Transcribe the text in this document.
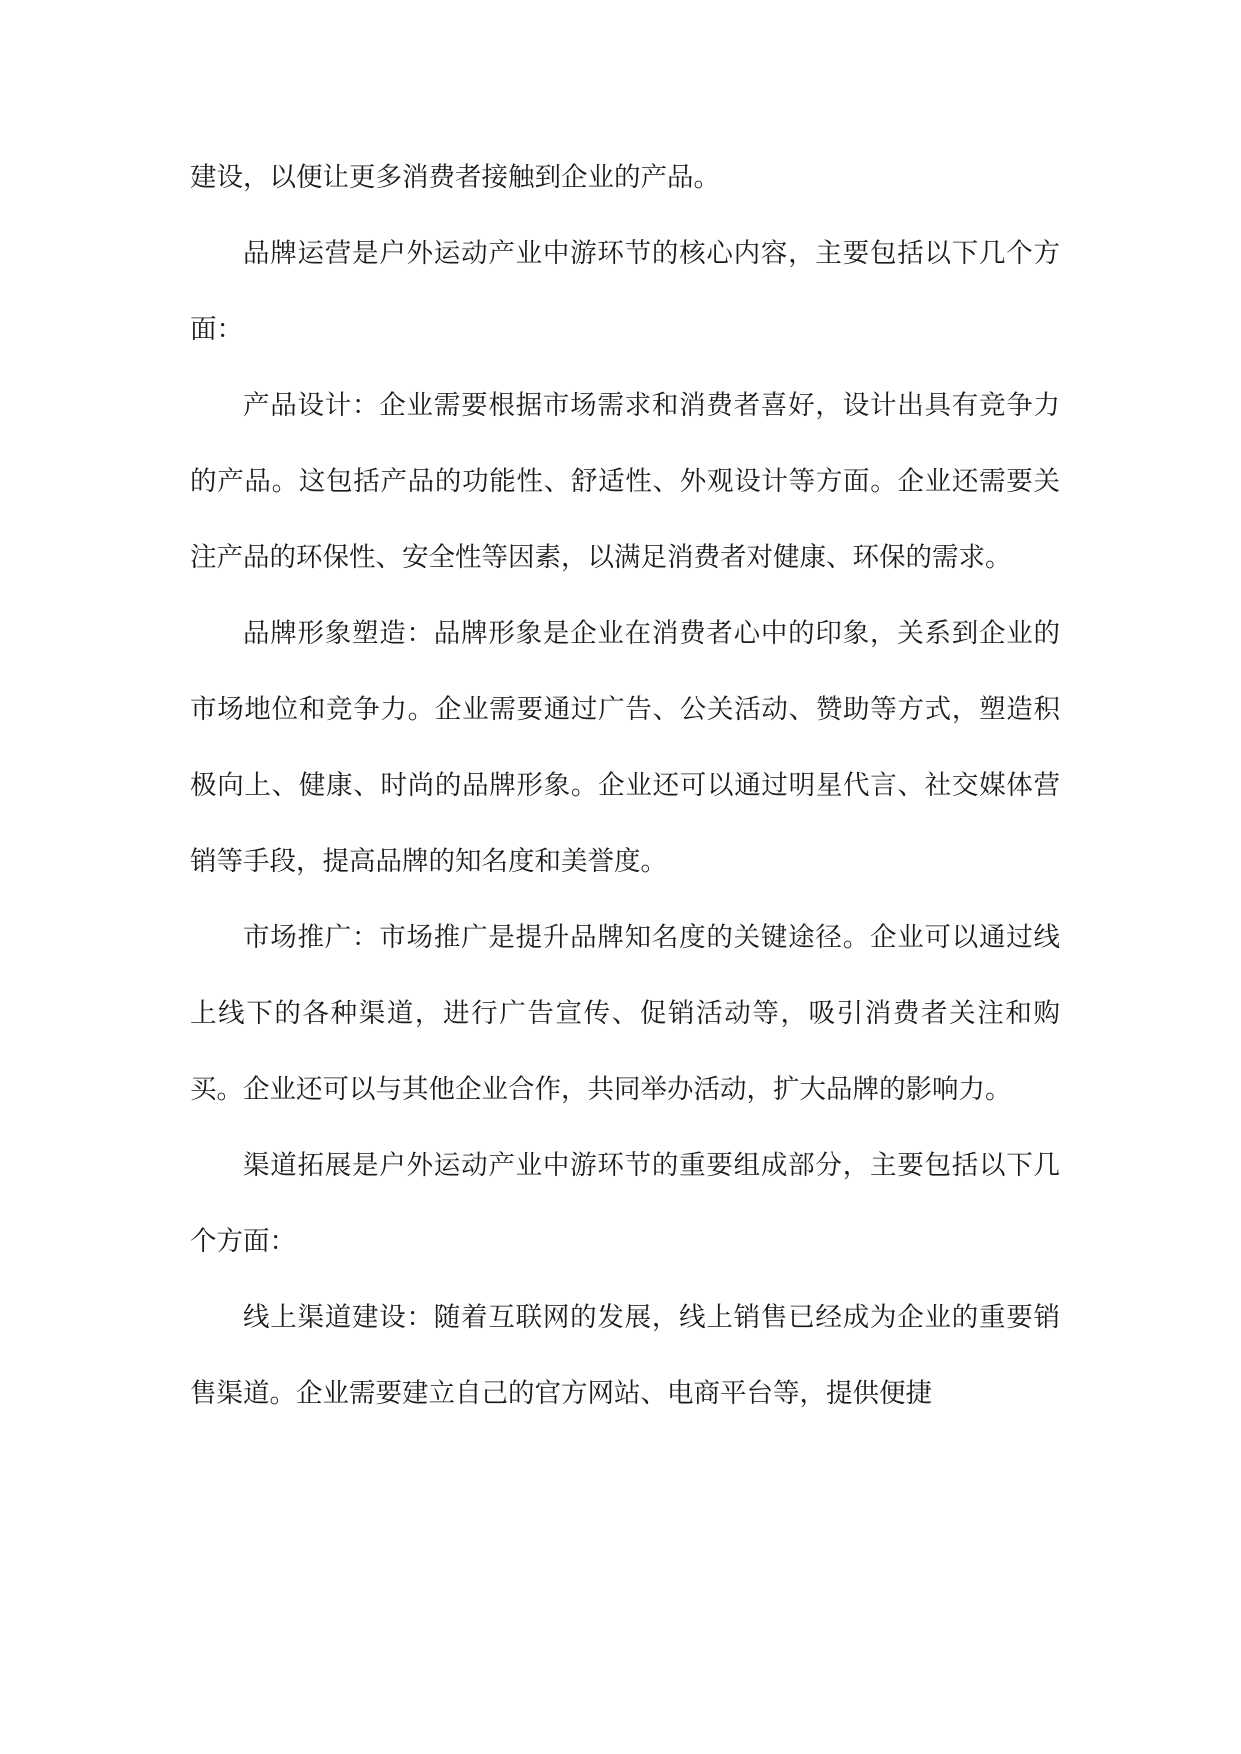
建设，以便让更多消费者接触到企业的产品。

品牌运营是户外运动产业中游环节的核心内容，主要包括以下几个方面：

产品设计：企业需要根据市场需求和消费者喜好，设计出具有竞争力的产品。这包括产品的功能性、舒适性、外观设计等方面。企业还需要关注产品的环保性、安全性等因素，以满足消费者对健康、环保的需求。

品牌形象塑造：品牌形象是企业在消费者心中的印象，关系到企业的市场地位和竞争力。企业需要通过广告、公关活动、赞助等方式，塑造积极向上、健康、时尚的品牌形象。企业还可以通过明星代言、社交媒体营销等手段，提高品牌的知名度和美誉度。

市场推广：市场推广是提升品牌知名度的关键途径。企业可以通过线上线下的各种渠道，进行广告宣传、促销活动等，吸引消费者关注和购买。企业还可以与其他企业合作，共同举办活动，扩大品牌的影响力。

渠道拓展是户外运动产业中游环节的重要组成部分，主要包括以下几个方面：

线上渠道建设：随着互联网的发展，线上销售已经成为企业的重要销售渠道。企业需要建立自己的官方网站、电商平台等，提供便捷
